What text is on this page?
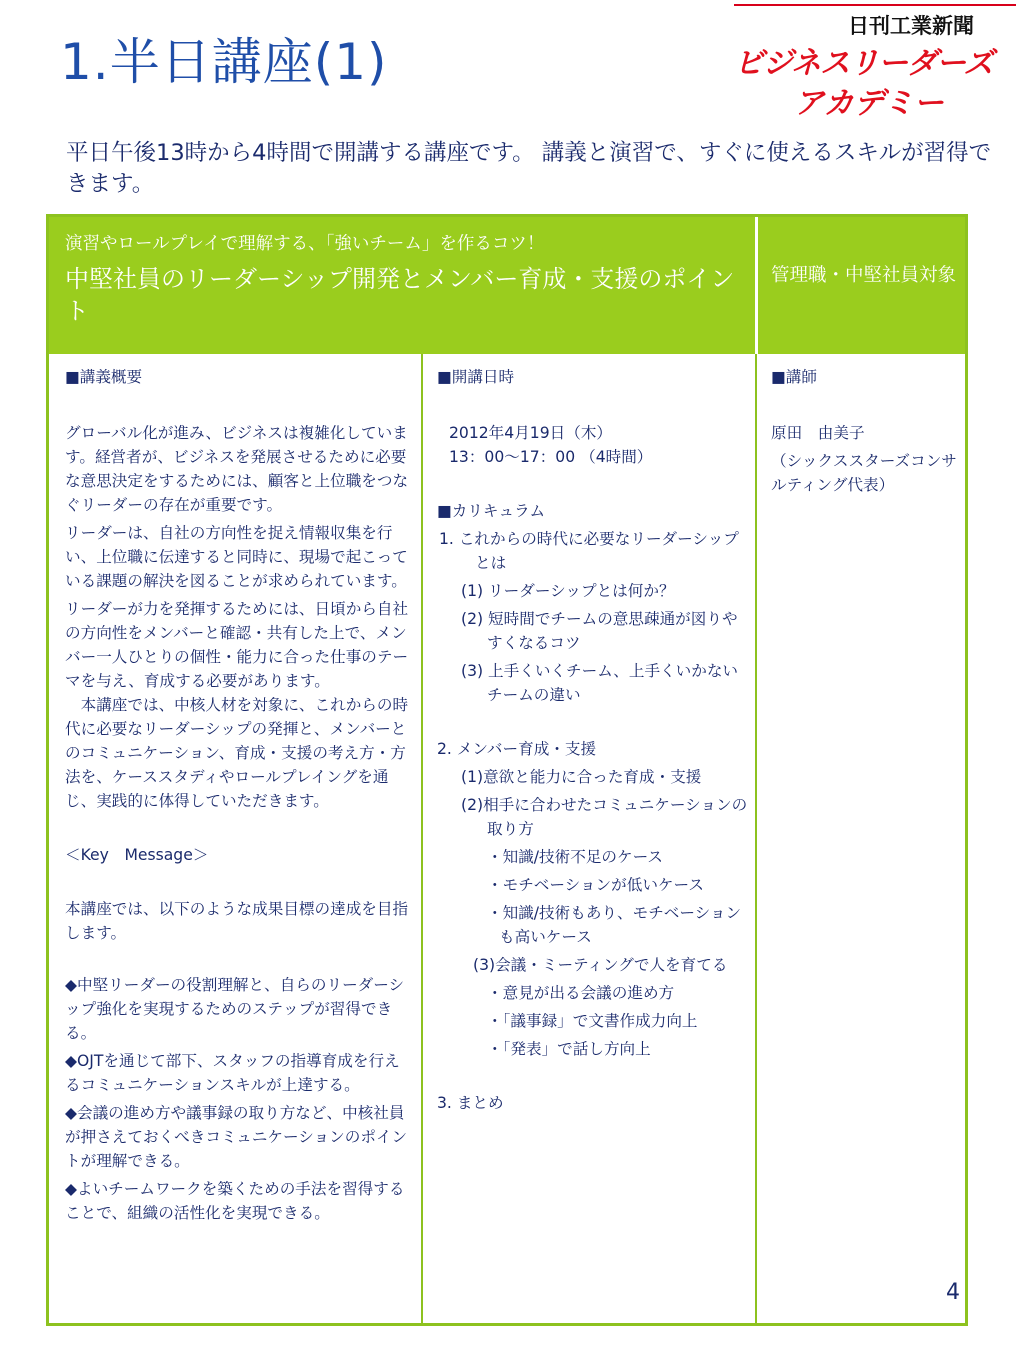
1.半日講座(1)
日刊工業新聞
ビジネスリーダーズ
アカデミー
平日午後13時から4時間で開講する講座です。 講義と演習で、すぐに使えるスキルが習得できます。
演習やロールプレイで理解する、「強いチーム」を作るコツ！
中堅社員のリーダーシップ開発とメンバー育成・支援のポイント
管理職・中堅社員対象

■講義概要

グローバル化が進み、ビジネスは複雑化しています。経営者が、ビジネスを発展させるために必要な意思決定をするためには、顧客と上位職をつなぐリーダーの存在が重要です。

リーダーは、自社の方向性を捉え情報収集を行い、上位職に伝達すると同時に、現場で起こっている課題の解決を図ることが求められています。

リーダーが力を発揮するためには、日頃から自社の方向性をメンバーと確認・共有した上で、メンバー一人ひとりの個性・能力に合った仕事のテーマを与え、育成する必要があります。

本講座では、中核人材を対象に、これからの時代に必要なリーダーシップの発揮と、メンバーとのコミュニケーション、育成・支援の考え方・方法を、ケーススタディやロールプレイングを通じ、実践的に体得していただきます。

＜Key　Message＞

本講座では、以下のような成果目標の達成を目指します。

◆中堅リーダーの役割理解と、自らのリーダーシップ強化を実現するためのステップが習得できる。

◆OJTを通じて部下、スタッフの指導育成を行えるコミュニケーションスキルが上達する。

◆会議の進め方や議事録の取り方など、中核社員が押さえておくべきコミュニケーションのポイントが理解できる。

◆よいチームワークを築くための手法を習得することで、組織の活性化を実現できる。

■開講日時

2012年4月19日（木）

13：00～17：00 （4時間）

■カリキュラム

1. これからの時代に必要なリーダーシップとは

(1) リーダーシップとは何か？

(2) 短時間でチームの意思疎通が図りやすくなるコツ

(3) 上手くいくチーム、上手くいかないチームの違い

2. メンバー育成・支援

(1)意欲と能力に合った育成・支援

(2)相手に合わせたコミュニケーションの取り方

・知識/技術不足のケース

・モチベーションが低いケース

・知識/技術もあり、モチベーションも高いケース

(3)会議・ミーティングで人を育てる

・意見が出る会議の進め方

・「議事録」で文書作成力向上

・「発表」で話し方向上

3. まとめ

■講師

原田　由美子

（シックススターズコンサルティング代表）

4
